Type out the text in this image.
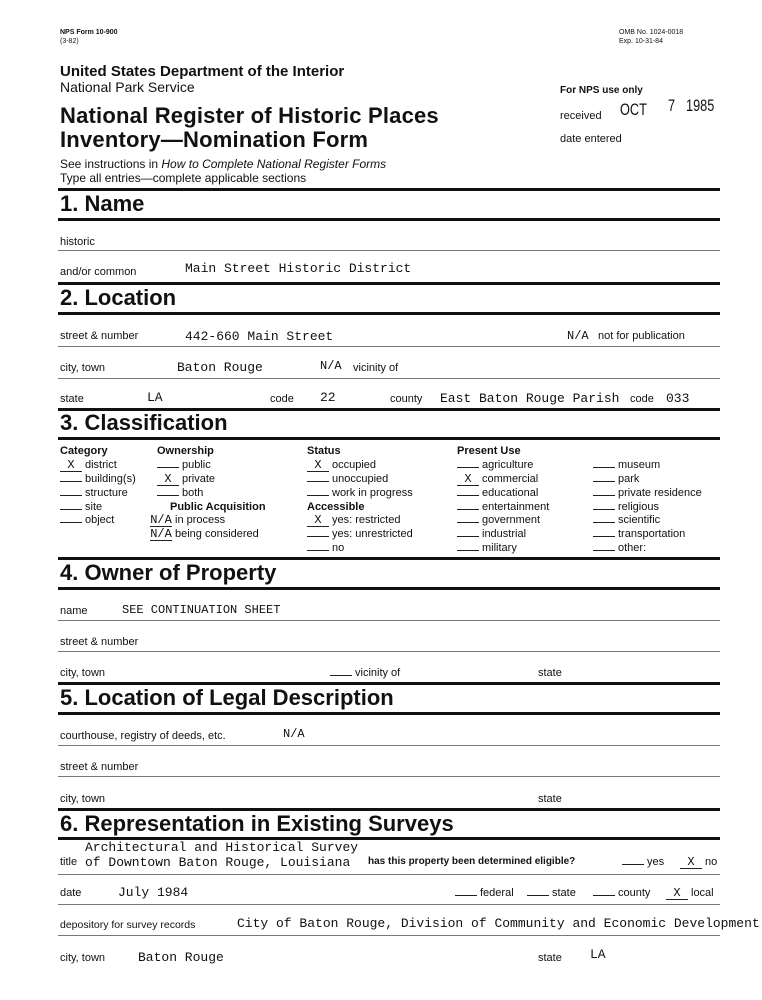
NPS Form 10-900
(3-82)
OMB No. 1024-0018
Exp. 10-31-84
United States Department of the Interior
National Park Service
National Register of Historic Places
Inventory—Nomination Form
See instructions in How to Complete National Register Forms
Type all entries—complete applicable sections
For NPS use only
received OCT 7 1985
date entered
1. Name
historic
and/or common	Main Street Historic District
2. Location
street & number	442-660 Main Street	N/A not for publication
city, town	Baton Rouge	N/A vicinity of
state	LA	code 22	county East Baton Rouge Parish code 033
3. Classification
Category
X district
building(s)
structure
site
object
Ownership
public
X private
both
Public Acquisition
N/A in process
N/A being considered
Status
X occupied
unoccupied
work in progress
Accessible
X yes: restricted
yes: unrestricted
no
Present Use
agriculture
X commercial
educational
entertainment
government
industrial
military
museum
park
private residence
religious
scientific
transportation
other:
4. Owner of Property
name	SEE CONTINUATION SHEET
street & number
city, town	vicinity of	state
5. Location of Legal Description
courthouse, registry of deeds, etc.	N/A
street & number
city, town	state
6. Representation in Existing Surveys
Architectural and Historical Survey
title of Downtown Baton Rouge, Louisiana has this property been determined eligible?	yes	X no
date	July 1984	federal	state	county	X local
depository for survey records	City of Baton Rouge, Division of Community and Economic Development
city, town	Baton Rouge	state LA
